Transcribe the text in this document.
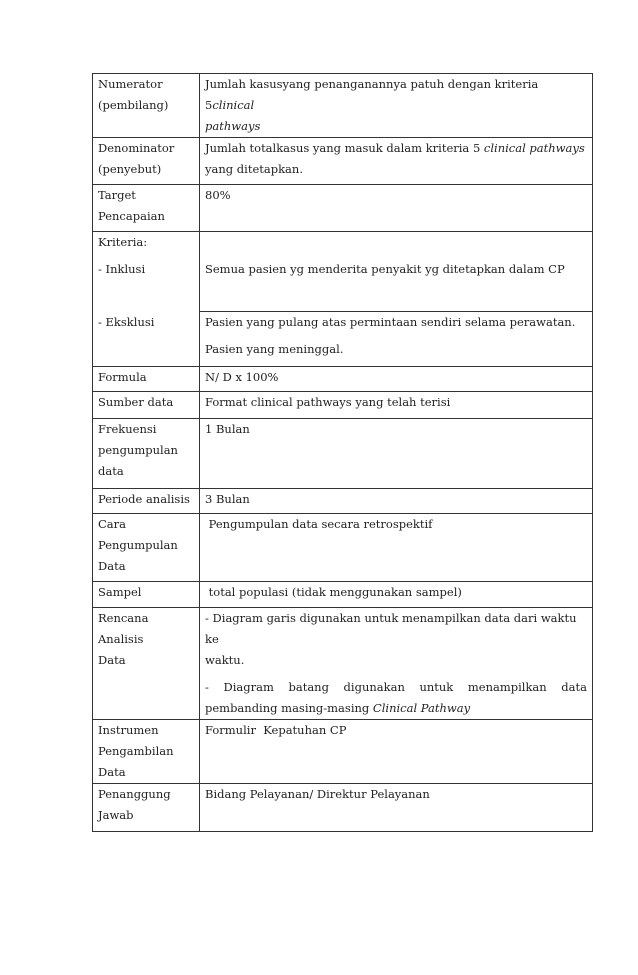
Numerator
(pembilang)	Jumlah kasusyang penanganannya patuh dengan kriteria 5clinical
pathways

Denominator
(penyebut)	Jumlah totalkasus yang masuk dalam kriteria 5 clinical pathways
yang ditetapkan.

Target
Pencapaian	80%

Kriteria:
- Inklusi	Semua pasien yg menderita penyakit yg ditetapkan dalam CP

- Eksklusi	Pasien yang pulang atas permintaan sendiri selama perawatan.
Pasien yang meninggal.

Formula	N/ D x 100%

Sumber data	Format clinical pathways yang telah terisi

Frekuensi
pengumpulan
data	1 Bulan

Periode analisis	3 Bulan

Cara
Pengumpulan
Data	Pengumpulan data secara retrospektif

Sampel	total populasi (tidak menggunakan sampel)

Rencana Analisis
Data	- Diagram garis digunakan untuk menampilkan data dari waktu ke
waktu.
-   Diagram   batang   digunakan   untuk   menampilkan   data
pembanding masing-masing Clinical Pathway

Instrumen
Pengambilan
Data	Formulir  Kepatuhan CP

Penanggung
Jawab	Bidang Pelayanan/ Direktur Pelayanan
